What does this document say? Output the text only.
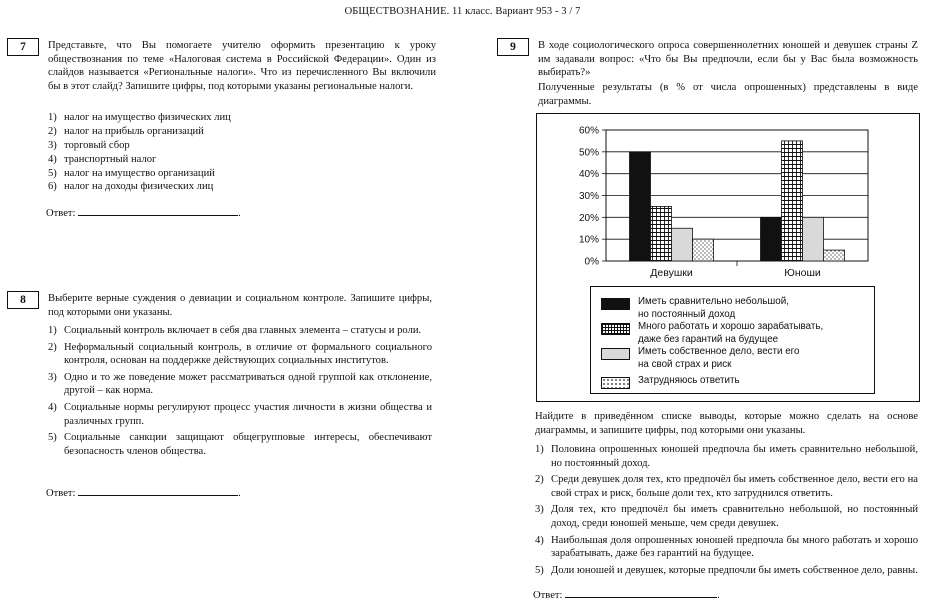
ОБЩЕСТВОЗНАНИЕ. 11 класс. Вариант 953 - 3 / 7
7	Представьте, что Вы помогаете учителю оформить презентацию к уроку обществознания по теме «Налоговая система в Российской Федерации». Один из слайдов называется «Региональные налоги». Что из перечисленного Вы включили бы в этот слайд? Запишите цифры, под которыми указаны региональные налоги.
1) налог на имущество физических лиц
2) налог на прибыль организаций
3) торговый сбор
4) транспортный налог
5) налог на имущество организаций
6) налог на доходы физических лиц
Ответ:	.
8	Выберите верные суждения о девиации и социальном контроле. Запишите цифры, под которыми они указаны.
1) Социальный контроль включает в себя два главных элемента – статусы и роли.
2) Неформальный социальный контроль, в отличие от формального социального контроля, основан на поддержке действующих социальных институтов.
3) Одно и то же поведение может рассматриваться одной группой как отклонение, другой – как норма.
4) Социальные нормы регулируют процесс участия личности в жизни общества и различных групп.
5) Социальные санкции защищают общегрупповые интересы, обеспечивают безопасность членов общества.
Ответ:	.
9	В ходе социологического опроса совершеннолетних юношей и девушек страны Z им задавали вопрос: «Что бы Вы предпочли, если бы у Вас была возможность выбирать?»
Полученные результаты (в % от числа опрошенных) представлены в виде диаграммы.
0%
10%
20%
30%
40%
50%
60%
Девушки	Юноши
Иметь сравнительно небольшой,
но постоянный доход
Много работать и хорошо зарабатывать,
даже без гарантий на будущее
Иметь собственное дело, вести его
на свой страх и риск
Затрудняюсь ответить
Найдите в приведённом списке выводы, которые можно сделать на основе диаграммы, и запишите цифры, под которыми они указаны.
1) Половина опрошенных юношей предпочла бы иметь сравнительно небольшой, но постоянный доход.
2) Среди девушек доля тех, кто предпочёл бы иметь собственное дело, вести его на свой страх и риск, больше доли тех, кто затруднился ответить.
3) Доля тех, кто предпочёл бы иметь сравнительно небольшой, но постоянный доход, среди юношей меньше, чем среди девушек.
4) Наибольшая доля опрошенных юношей предпочла бы много работать и хорошо зарабатывать, даже без гарантий на будущее.
5) Доли юношей и девушек, которые предпочли бы иметь собственное дело, равны.
Ответ:	.
